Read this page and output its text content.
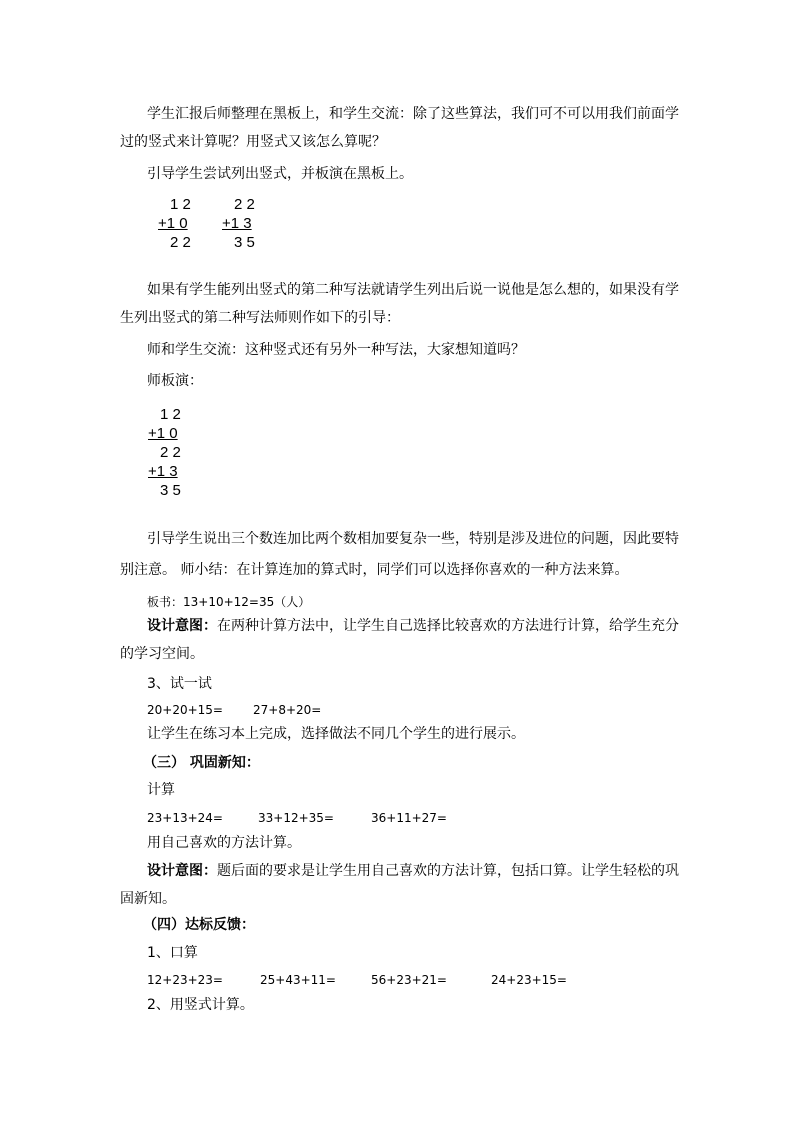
学生汇报后师整理在黑板上，和学生交流：除了这些算法，我们可不可以用我们前面学

过的竖式来计算呢？用竖式又该怎么算呢？

引导学生尝试列出竖式，并板演在黑板上。

1 2
+1 0
2 2
2 2
+1 3
3 5

如果有学生能列出竖式的第二种写法就请学生列出后说一说他是怎么想的，如果没有学

生列出竖式的第二种写法师则作如下的引导：

师和学生交流：这种竖式还有另外一种写法，大家想知道吗？

师板演：

1 2
+1 0
2 2
+1 3
3 5

引导学生说出三个数连加比两个数相加要复杂一些，特别是涉及进位的问题，因此要特

别注意。 师小结：在计算连加的算式时，同学们可以选择你喜欢的一种方法来算。

板书：13+10+12=35（人）

设计意图：在两种计算方法中，让学生自己选择比较喜欢的方法进行计算，给学生充分

的学习空间。

3、试一试

20+20+15=	27+8+20=

让学生在练习本上完成，选择做法不同几个学生的进行展示。

（三） 巩固新知：

计算

23+13+24=	33+12+35=	36+11+27=

用自己喜欢的方法计算。

设计意图：题后面的要求是让学生用自己喜欢的方法计算，包括口算。让学生轻松的巩

固新知。

（四）达标反馈：

1、口算

12+23+23=	25+43+11=	56+23+21=	24+23+15=

2、用竖式计算。
